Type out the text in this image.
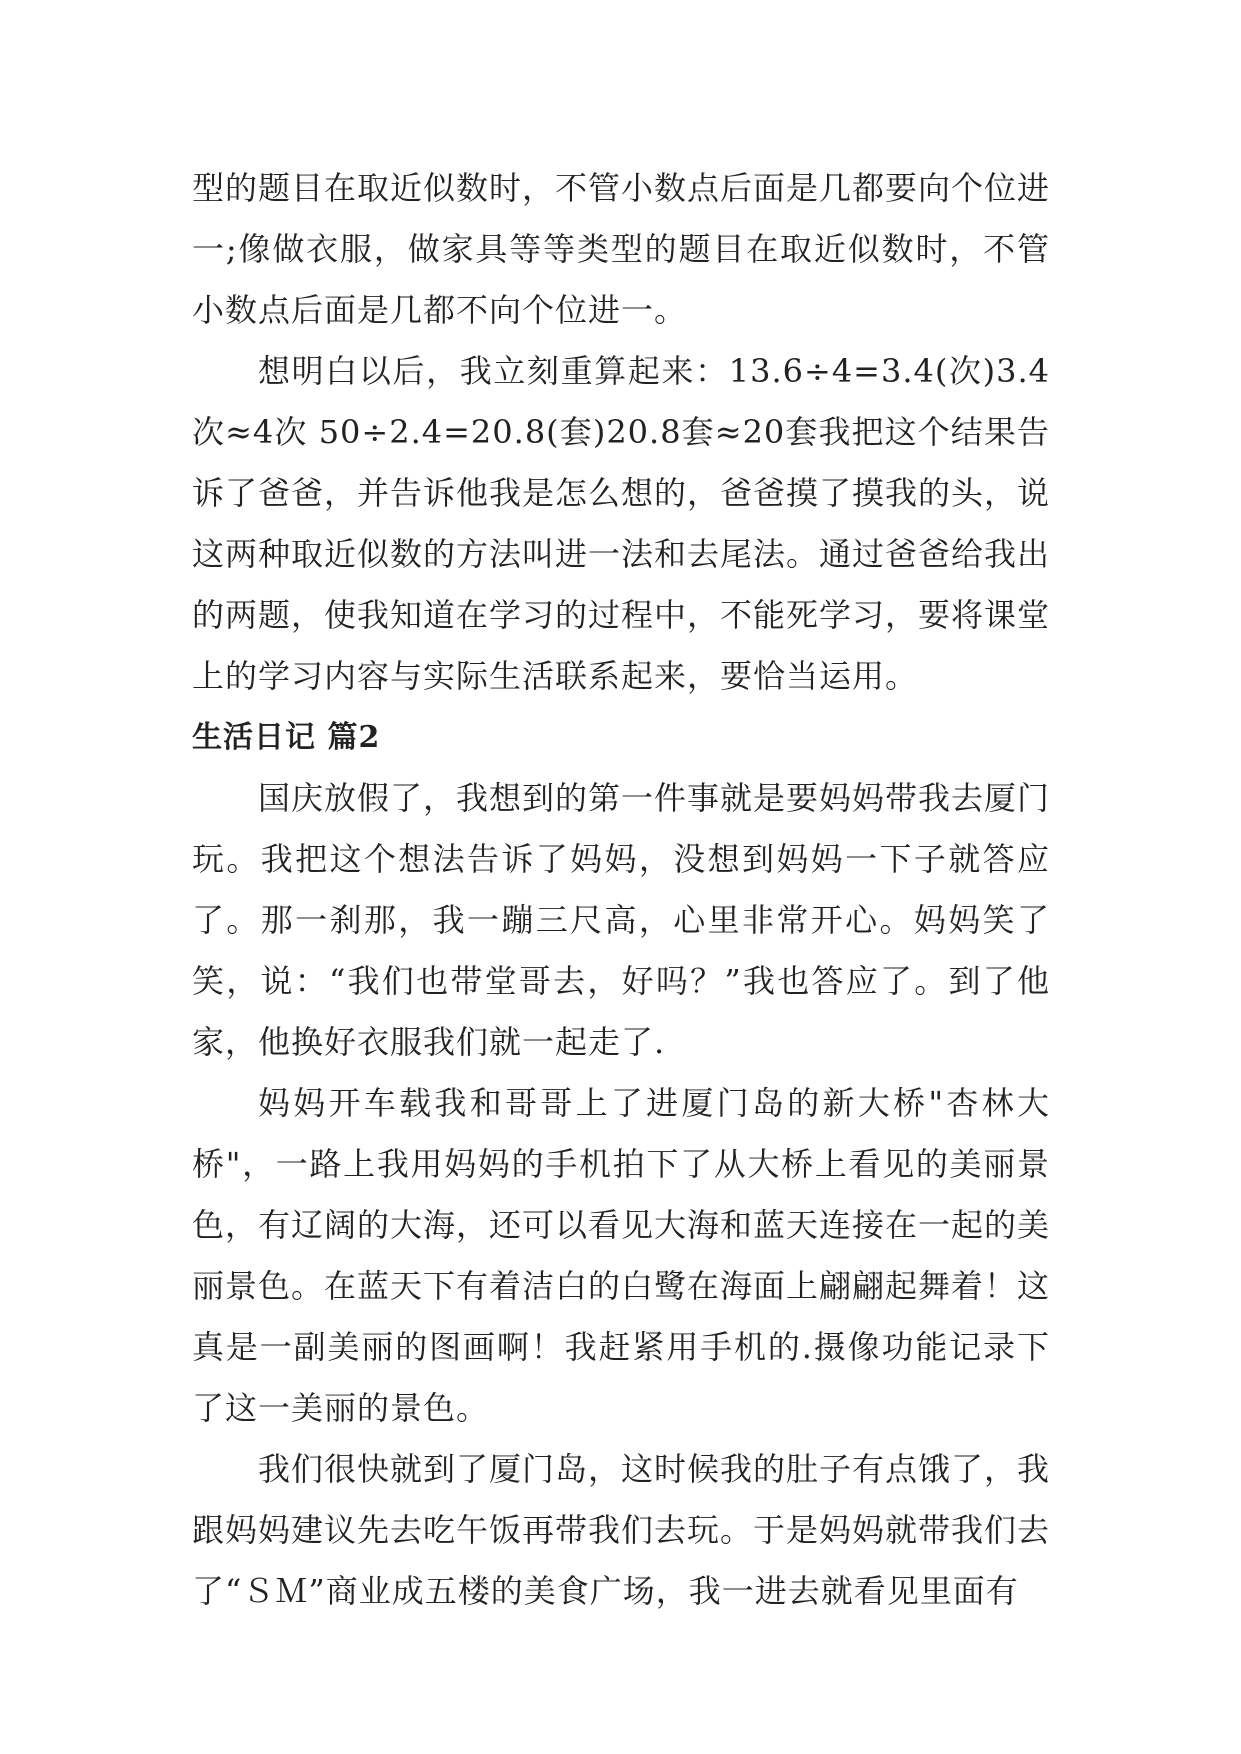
型的题目在取近似数时，不管小数点后面是几都要向个位进一;像做衣服，做家具等等类型的题目在取近似数时，不管小数点后面是几都不向个位进一。

想明白以后，我立刻重算起来：13.6÷4=3.4(次)3.4次≈4次 50÷2.4=20.8(套)20.8套≈20套我把这个结果告诉了爸爸，并告诉他我是怎么想的，爸爸摸了摸我的头，说这两种取近似数的方法叫进一法和去尾法。通过爸爸给我出的两题，使我知道在学习的过程中，不能死学习，要将课堂上的学习内容与实际生活联系起来，要恰当运用。

生活日记 篇2

国庆放假了，我想到的第一件事就是要妈妈带我去厦门玩。我把这个想法告诉了妈妈，没想到妈妈一下子就答应了。那一刹那，我一蹦三尺高，心里非常开心。妈妈笑了笑，说：“我们也带堂哥去，好吗？”我也答应了。到了他家，他换好衣服我们就一起走了.

妈妈开车载我和哥哥上了进厦门岛的新大桥"杏林大桥"，一路上我用妈妈的手机拍下了从大桥上看见的美丽景色，有辽阔的大海，还可以看见大海和蓝天连接在一起的美丽景色。在蓝天下有着洁白的白鹭在海面上翩翩起舞着！这真是一副美丽的图画啊！我赶紧用手机的.摄像功能记录下了这一美丽的景色。

我们很快就到了厦门岛，这时候我的肚子有点饿了，我跟妈妈建议先去吃午饭再带我们去玩。于是妈妈就带我们去了“ＳＭ”商业成五楼的美食广场，我一进去就看见里面有
